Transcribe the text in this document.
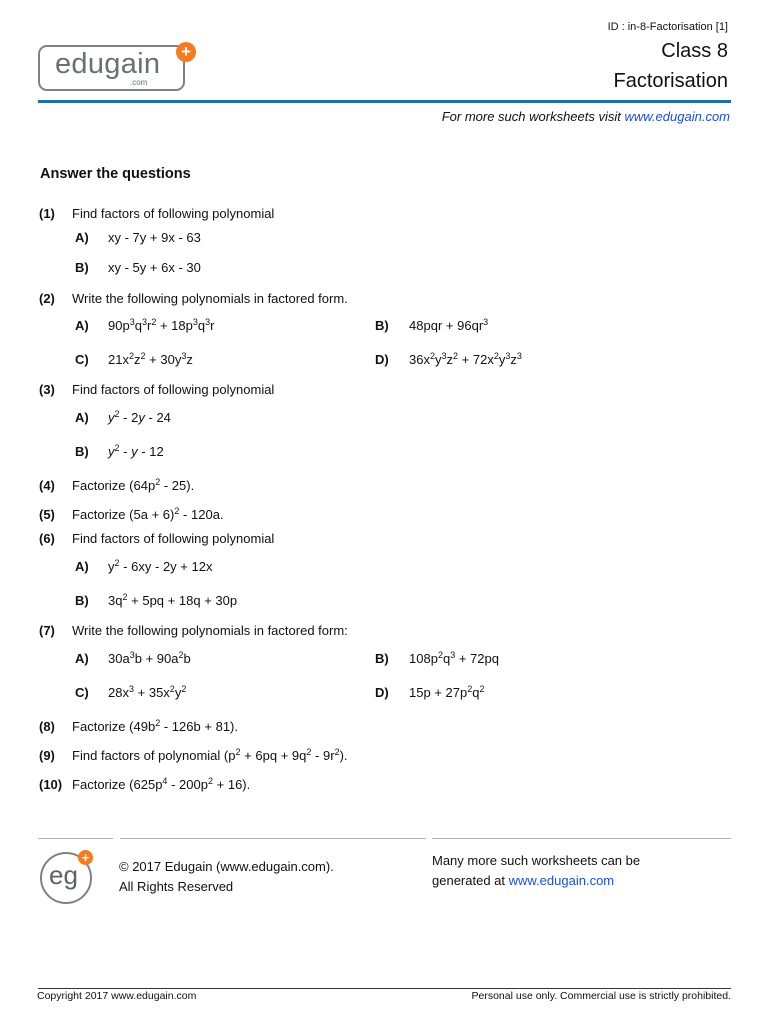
edugain
.com
+
ID : in-8-Factorisation [1]
Class 8
Factorisation
For more such worksheets visit www.edugain.com
Answer the questions
(1) Find factors of following polynomial
A) xy - 7y + 9x - 63
B) xy - 5y + 6x - 30
(2) Write the following polynomials in factored form.
A) $90p^3q^3r^2 + 18p^3q^3r$	B) $48pqr + 96qr^3$
C) $21x^2z^2 + 30y^3z$	D) $36x^2y^3z^2 + 72x^2y^3z^3$
(3) Find factors of following polynomial
A) $y^2 - 2y - 24$
B) $y^2$ - y - 12
(4) Factorize $(64p^2 - 25)$.
(5) Factorize $(5a + 6)^2 - 120a$.
(6) Find factors of following polynomial
A) $y^2 - 6xy - 2y + 12x$
B) $3q^2 + 5pq + 18q + 30p$
(7) Write the following polynomials in factored form:
A) $30a^3b + 90a^2b$	B) $108p^2q^3 + 72pq$
C) $28x^3 + 35x^2y^2$	D) $15p + 27p^2q^2$
(8) Factorize $(49b^2 - 126b + 81)$.
(9) Find factors of polynomial $(p^2 + 6pq + 9q^2 - 9r^2)$.
(10) Factorize $(625p^4 - 200p^2 + 16)$.
eg
+
© 2017 Edugain (www.edugain.com).
All Rights Reserved
Many more such worksheets can be
generated at www.edugain.com
Copyright 2017 www.edugain.com	Personal use only. Commercial use is strictly prohibited.
